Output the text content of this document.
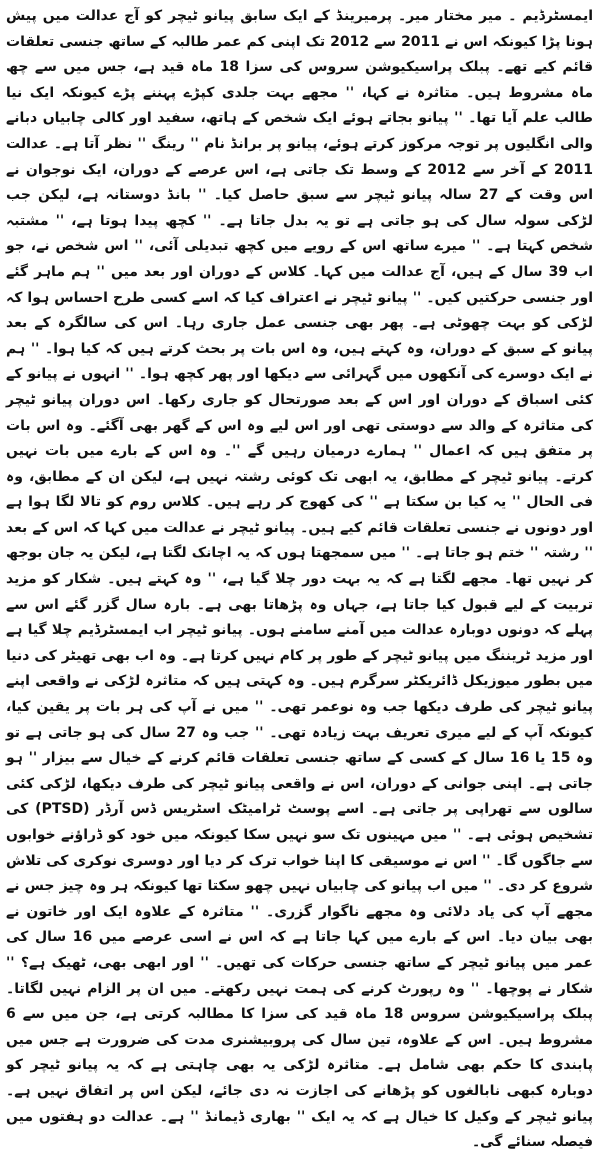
ایمسٹرڈیم ۔ میر مختار میر۔ پرمیرینڈ کے ایک سابق پیانو ٹیچر کو آج عدالت میں پیش ہونا پڑا کیونکہ اس نے 2011 سے 2012 تک اپنی کم عمر طالبہ کے ساتھ جنسی تعلقات قائم کیے تھے۔ پبلک پراسیکیوشن سروس کی سزا 18 ماہ قید ہے، جس میں سے چھ ماہ مشروط ہیں۔ متاثرہ نے کہا، '' مجھے بہت جلدی کپڑے پہننے پڑے کیونکہ ایک نیا طالب علم آیا تھا۔ '' پیانو بجاتے ہوئے ایک شخص کے ہاتھ، سفید اور کالی چابیاں دبانے والی انگلیوں پر توجہ مرکوز کرتے ہوئے، پیانو پر برانڈ نام '' رینگ '' نظر آتا ہے۔ عدالت 2011 کے آخر سے 2012 کے وسط تک جاتی ہے، اس عرصے کے دوران، ایک نوجوان نے اس وقت کے 27 سالہ پیانو ٹیچر سے سبق حاصل کیا۔ '' بانڈ دوستانہ ہے، لیکن جب لڑکی سولہ سال کی ہو جاتی ہے تو یہ بدل جاتا ہے۔ '' کچھ پیدا ہوتا ہے، '' مشتبہ شخص کہتا ہے۔ '' میرے ساتھ اس کے رویے میں کچھ تبدیلی آئی، '' اس شخص نے، جو اب 39 سال کے ہیں، آج عدالت میں کہا۔ کلاس کے دوران اور بعد میں '' ہم ماہر گئے اور جنسی حرکتیں کیں۔ '' پیانو ٹیچر نے اعتراف کیا کہ اسے کسی طرح احساس ہوا کہ لڑکی کو بہت چھوٹی ہے۔ پھر بھی جنسی عمل جاری رہا۔ اس کی سالگرہ کے بعد پیانو کے سبق کے دوران، وہ کہتے ہیں، وہ اس بات پر بحث کرتے ہیں کہ کیا ہوا۔ '' ہم نے ایک دوسرے کی آنکھوں میں گہرائی سے دیکھا اور پھر کچھ ہوا۔ '' انہوں نے پیانو کے کئی اسباق کے دوران اور اس کے بعد صورتحال کو جاری رکھا۔ اس دوران پیانو ٹیچر کی متاثرہ کے والد سے دوستی تھی اور اس لیے وہ اس کے گھر بھی آگئے۔ وہ اس بات پر متفق ہیں کہ اعمال '' ہمارے درمیان رہیں گے ''۔ وہ اس کے بارے میں بات نہیں کرتے۔ پیانو ٹیچر کے مطابق، یہ ابھی تک کوئی رشتہ نہیں ہے، لیکن ان کے مطابق، وہ فی الحال '' یہ کیا بن سکتا ہے '' کی کھوج کر رہے ہیں۔ کلاس روم کو تالا لگا ہوا ہے اور دونوں نے جنسی تعلقات قائم کیے ہیں۔ پیانو ٹیچر نے عدالت میں کہا کہ اس کے بعد '' رشتہ '' ختم ہو جاتا ہے۔ '' میں سمجھتا ہوں کہ یہ اچانک لگتا ہے، لیکن یہ جان بوجھ کر نہیں تھا۔ مجھے لگتا ہے کہ یہ بہت دور چلا گیا ہے، '' وہ کہتے ہیں۔ شکار کو مزید تربیت کے لیے قبول کیا جاتا ہے، جہاں وہ پڑھاتا بھی ہے۔ بارہ سال گزر گئے اس سے پہلے کہ دونوں دوبارہ عدالت میں آمنے سامنے ہوں۔ پیانو ٹیچر اب ایمسٹرڈیم چلا گیا ہے اور مزید ٹریننگ میں پیانو ٹیچر کے طور پر کام نہیں کرتا ہے۔ وہ اب بھی تھیٹر کی دنیا میں بطور میوزیکل ڈائریکٹر سرگرم ہیں۔ وہ کہتی ہیں کہ متاثرہ لڑکی نے واقعی اپنے پیانو ٹیچر کی طرف دیکھا جب وہ نوعمر تھی۔ '' میں نے آپ کی ہر بات پر یقین کیا، کیونکہ آپ کے لیے میری تعریف بہت زیادہ تھی۔ '' جب وہ 27 سال کی ہو جاتی ہے تو وہ 15 یا 16 سال کے کسی کے ساتھ جنسی تعلقات قائم کرنے کے خیال سے بیزار '' ہو جاتی ہے۔ اپنی جوانی کے دوران، اس نے واقعی پیانو ٹیچر کی طرف دیکھا، لڑکی کئی سالوں سے تھراپی پر جاتی ہے۔ اسے پوسٹ ٹرامیٹک اسٹریس ڈس آرڈر (PTSD) کی تشخیص ہوئی ہے۔ '' میں مہینوں تک سو نہیں سکا کیونکہ میں خود کو ڈراؤنے خوابوں سے جاگوں گا۔ '' اس نے موسیقی کا اپنا خواب ترک کر دیا اور دوسری نوکری کی تلاش شروع کر دی۔ '' میں اب پیانو کی چابیاں نہیں چھو سکتا تھا کیونکہ ہر وہ چیز جس نے مجھے آپ کی یاد دلائی وہ مجھے ناگوار گزری۔ '' متاثرہ کے علاوہ ایک اور خاتون نے بھی بیان دیا۔ اس کے بارے میں کہا جاتا ہے کہ اس نے اسی عرصے میں 16 سال کی عمر میں پیانو ٹیچر کے ساتھ جنسی حرکات کی تھیں۔ '' اور ابھی بھی، ٹھیک ہے؟ '' شکار نے پوچھا۔ '' وہ رپورٹ کرنے کی ہمت نہیں رکھتے۔ میں ان پر الزام نہیں لگاتا۔ پبلک پراسیکیوشن سروس 18 ماہ قید کی سزا کا مطالبہ کرتی ہے، جن میں سے 6 مشروط ہیں۔ اس کے علاوہ، تین سال کی پروبیشنری مدت کی ضرورت ہے جس میں پابندی کا حکم بھی شامل ہے۔ متاثرہ لڑکی یہ بھی چاہتی ہے کہ یہ پیانو ٹیچر کو دوبارہ کبھی نابالغوں کو پڑھانے کی اجازت نہ دی جائے، لیکن اس پر اتفاق نہیں ہے۔ پیانو ٹیچر کے وکیل کا خیال ہے کہ یہ ایک '' بھاری ڈیمانڈ '' ہے۔ عدالت دو ہفتوں میں فیصلہ سنائے گی۔
